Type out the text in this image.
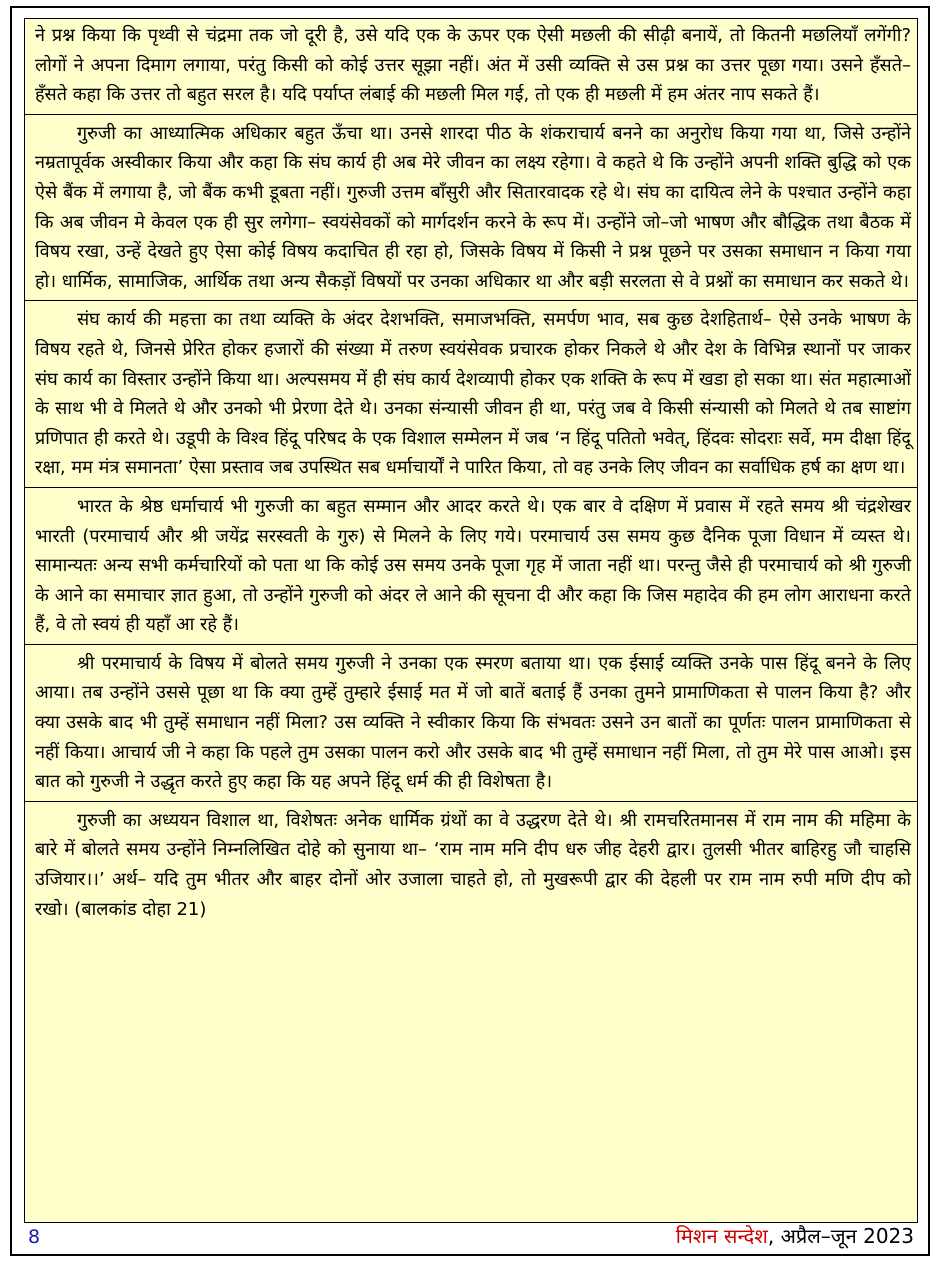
ने प्रश्न किया कि पृथ्वी से चंद्रमा तक जो दूरी है, उसे यदि एक के ऊपर एक ऐसी मछली की सीढ़ी बनायें, तो कितनी मछलियाँ लगेंगी? लोगों ने अपना दिमाग लगाया, परंतु किसी को कोई उत्तर सूझा नहीं। अंत में उसी व्यक्ति से उस प्रश्न का उत्तर पूछा गया। उसने हँसते–हँसते कहा कि उत्तर तो बहुत सरल है। यदि पर्याप्त लंबाई की मछली मिल गई, तो एक ही मछली में हम अंतर नाप सकते हैं।

गुरुजी का आध्यात्मिक अधिकार बहुत ऊँचा था। उनसे शारदा पीठ के शंकराचार्य बनने का अनुरोध किया गया था, जिसे उन्होंने नम्रतापूर्वक अस्वीकार किया और कहा कि संघ कार्य ही अब मेरे जीवन का लक्ष्य रहेगा। वे कहते थे कि उन्होंने अपनी शक्ति बुद्धि को एक ऐसे बैंक में लगाया है, जो बैंक कभी डूबता नहीं। गुरुजी उत्तम बाँसुरी और सितारवादक रहे थे। संघ का दायित्व लेने के पश्चात उन्होंने कहा कि अब जीवन मे केवल एक ही सुर लगेगा– स्वयंसेवकों को मार्गदर्शन करने के रूप में। उन्होंने जो–जो भाषण और बौद्धिक तथा बैठक में विषय रखा, उन्हें देखते हुए ऐसा कोई विषय कदाचित ही रहा हो, जिसके विषय में किसी ने प्रश्न पूछने पर उसका समाधान न किया गया हो। धार्मिक, सामाजिक, आर्थिक तथा अन्य सैकड़ों विषयों पर उनका अधिकार था और बड़ी सरलता से वे प्रश्नों का समाधान कर सकते थे।

संघ कार्य की महत्ता का तथा व्यक्ति के अंदर देशभक्ति, समाजभक्ति, समर्पण भाव, सब कुछ देशहितार्थ– ऐसे उनके भाषण के विषय रहते थे, जिनसे प्रेरित होकर हजारों की संख्या में तरुण स्वयंसेवक प्रचारक होकर निकले थे और देश के विभिन्न स्थानों पर जाकर संघ कार्य का विस्तार उन्होंने किया था। अल्पसमय में ही संघ कार्य देशव्यापी होकर एक शक्ति के रूप में खडा हो सका था। संत महात्माओं के साथ भी वे मिलते थे और उनको भी प्रेरणा देते थे। उनका संन्यासी जीवन ही था, परंतु जब वे किसी संन्यासी को मिलते थे तब साष्टांग प्रणिपात ही करते थे। उडूपी के विश्व हिंदू परिषद के एक विशाल सम्मेलन में जब ‘न हिंदू पतितो भवेत्, हिंदवः सोदराः सर्वे, मम दीक्षा हिंदू रक्षा, मम मंत्र समानता’ ऐसा प्रस्ताव जब उपस्थित सब धर्माचार्यों ने पारित किया, तो वह उनके लिए जीवन का सर्वाधिक हर्ष का क्षण था।

भारत के श्रेष्ठ धर्माचार्य भी गुरुजी का बहुत सम्मान और आदर करते थे। एक बार वे दक्षिण में प्रवास में रहते समय श्री चंद्रशेखर भारती (परमाचार्य और श्री जयेंद्र सरस्वती के गुरु) से मिलने के लिए गये। परमाचार्य उस समय कुछ दैनिक पूजा विधान में व्यस्त थे। सामान्यतः अन्य सभी कर्मचारियों को पता था कि कोई उस समय उनके पूजा गृह में जाता नहीं था। परन्तु जैसे ही परमाचार्य को श्री गुरुजी के आने का समाचार ज्ञात हुआ, तो उन्होंने गुरुजी को अंदर ले आने की सूचना दी और कहा कि जिस महादेव की हम लोग आराधना करते हैं, वे तो स्वयं ही यहाँ आ रहे हैं।

श्री परमाचार्य के विषय में बोलते समय गुरुजी ने उनका एक स्मरण बताया था। एक ईसाई व्यक्ति उनके पास हिंदू बनने के लिए आया। तब उन्होंने उससे पूछा था कि क्या तुम्हें तुम्हारे ईसाई मत में जो बातें बताई हैं उनका तुमने प्रामाणिकता से पालन किया है? और क्या उसके बाद भी तुम्हें समाधान नहीं मिला? उस व्यक्ति ने स्वीकार किया कि संभवतः उसने उन बातों का पूर्णतः पालन प्रामाणिकता से नहीं किया। आचार्य जी ने कहा कि पहले तुम उसका पालन करो और उसके बाद भी तुम्हें समाधान नहीं मिला, तो तुम मेरे पास आओ। इस बात को गुरुजी ने उद्धृत करते हुए कहा कि यह अपने हिंदू धर्म की ही विशेषता है।

गुरुजी का अध्ययन विशाल था, विशेषतः अनेक धार्मिक ग्रंथों का वे उद्धरण देते थे। श्री रामचरितमानस में राम नाम की महिमा के बारे में बोलते समय उन्होंने निम्नलिखित दोहे को सुनाया था– ‘राम नाम मनि दीप धरु जीह देहरी द्वार। तुलसी भीतर बाहिरहु जौ चाहसि उजियार।।’ अर्थ– यदि तुम भीतर और बाहर दोनों ओर उजाला चाहते हो, तो मुखरूपी द्वार की देहली पर राम नाम रुपी मणि दीप को रखो। (बालकांड दोहा 21)

8	मिशन सन्देश, अप्रैल–जून 2023
